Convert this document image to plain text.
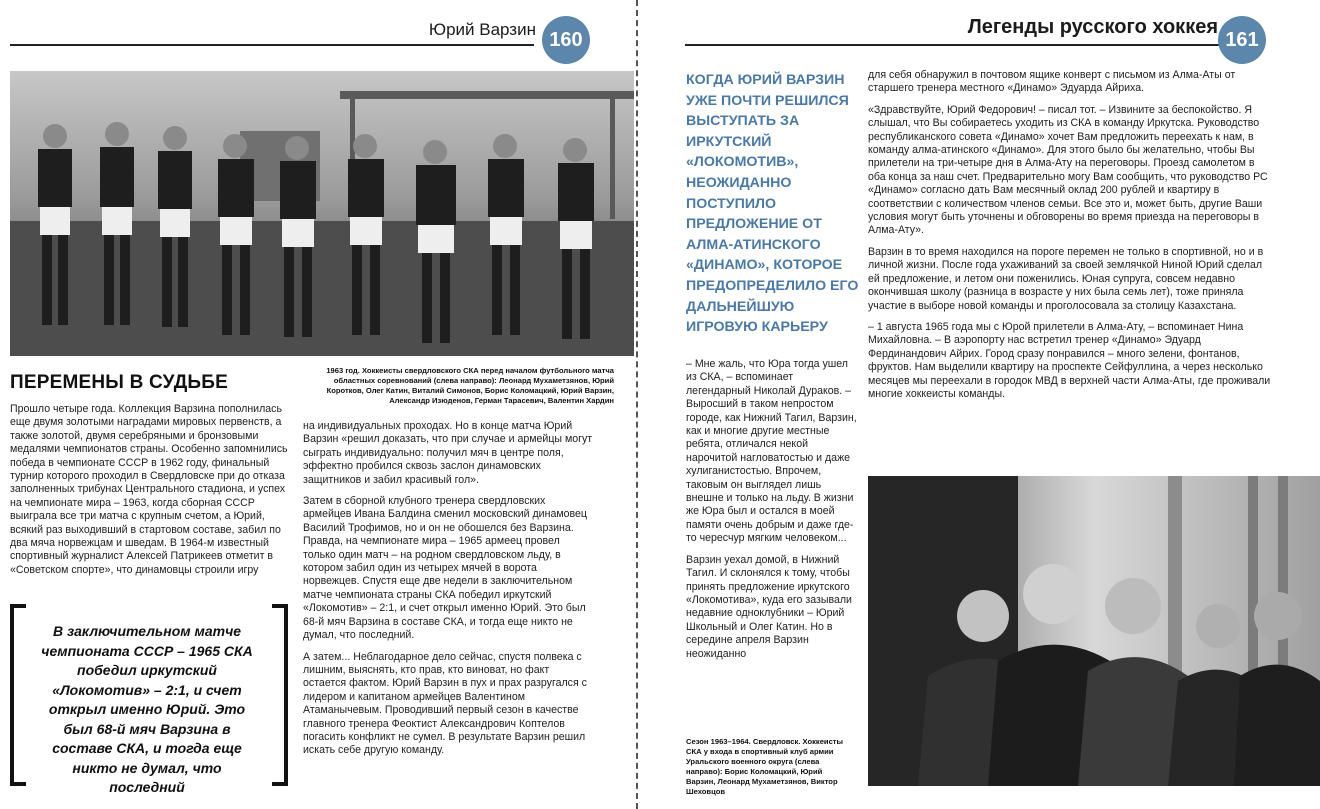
Юрий Варзин 160
1963 год. Хоккеисты свердловского СКА перед началом футбольного матча областных соревнований (слева направо): Леонард Мухаметзянов, Юрий Коротков, Олег Катин, Виталий Симонов, Борис Коломацкий, Юрий Варзин, Александр Изюденов, Герман Тарасевич, Валентин Хардин
ПЕРЕМЕНЫ В СУДЬБЕ

Прошло четыре года. Коллекция Варзина пополнилась еще двумя золотыми наградами мировых первенств, а также золотой, двумя серебряными и бронзовыми медалями чемпионатов страны. Особенно запомнились победа в чемпионате СССР в 1962 году, финальный турнир которого проходил в Свердловске при до отказа заполненных трибунах Центрального стадиона, и успех на чемпионате мира – 1963, когда сборная СССР выиграла все три матча с крупным счетом, а Юрий, всякий раз выходивший в стартовом составе, забил по два мяча норвежцам и шведам. В 1964-м известный спортивный журналист Алексей Патрикеев отметит в «Советском спорте», что динамовцы строили игру

В заключительном матче чемпионата СССР – 1965 СКА победил иркутский «Локомотив» – 2:1, и счет открыл именно Юрий. Это был 68-й мяч Варзина в составе СКА, и тогда еще никто не думал, что последний

на индивидуальных проходах. Но в конце матча Юрий Варзин «решил доказать, что при случае и армейцы могут сыграть индивидуально: получил мяч в центре поля, эффектно пробился сквозь заслон динамовских защитников и забил красивый гол».

Затем в сборной клубного тренера свердловских армейцев Ивана Балдина сменил московский динамовец Василий Трофимов, но и он не обошелся без Варзина. Правда, на чемпионате мира – 1965 армеец провел только один матч – на родном свердловском льду, в котором забил один из четырех мячей в ворота норвежцев. Спустя еще две недели в заключительном матче чемпионата страны СКА победил иркутский «Локомотив» – 2:1, и счет открыл именно Юрий. Это был 68-й мяч Варзина в составе СКА, и тогда еще никто не думал, что последний.

А затем... Неблагодарное дело сейчас, спустя полвека с лишним, выяснять, кто прав, кто виноват, но факт остается фактом. Юрий Варзин в пух и прах разругался с лидером и капитаном армейцев Валентином Атаманычевым. Проводивший первый сезон в качестве главного тренера Феоктист Александрович Коптелов погасить конфликт не сумел. В результате Варзин решил искать себе другую команду.

Легенды русского хоккея
161
КОГДА ЮРИЙ ВАРЗИН УЖЕ ПОЧТИ РЕШИЛСЯ ВЫСТУПАТЬ ЗА ИРКУТСКИЙ «ЛОКОМОТИВ», НЕОЖИДАННО ПОСТУПИЛО ПРЕДЛОЖЕНИЕ ОТ АЛМА-АТИНСКОГО «ДИНАМО», КОТОРОЕ ПРЕДОПРЕДЕЛИЛО ЕГО ДАЛЬНЕЙШУЮ ИГРОВУЮ КАРЬЕРУ

– Мне жаль, что Юра тогда ушел из СКА, – вспоминает легендарный Николай Дураков. – Выросший в таком непростом городе, как Нижний Тагил, Варзин, как и многие другие местные ребята, отличался некой нарочитой нагловатостью и даже хулиганистостью. Впрочем, таковым он выглядел лишь внешне и только на льду. В жизни же Юра был и остался в моей памяти очень добрым и даже где-то чересчур мягким человеком...

Варзин уехал домой, в Нижний Тагил. И склонялся к тому, чтобы принять предложение иркутского «Локомотива», куда его зазывали недавние одноклубники – Юрий Школьный и Олег Катин. Но в середине апреля Варзин неожиданно

Сезон 1963–1964. Свердловск. Хоккеисты СКА у входа в спортивный клуб армии Уральского военного округа (слева направо): Борис Коломацкий, Юрий Варзин, Леонард Мухаметзянов, Виктор Шеховцов

для себя обнаружил в почтовом ящике конверт с письмом из Алма-Аты от старшего тренера местного «Динамо» Эдуарда Айриха.

«Здравствуйте, Юрий Федорович! – писал тот. – Извините за беспокойство. Я слышал, что Вы собираетесь уходить из СКА в команду Иркутска. Руководство республиканского совета «Динамо» хочет Вам предложить переехать к нам, в команду алма-атинского «Динамо». Для этого было бы желательно, чтобы Вы прилетели на три-четыре дня в Алма-Ату на переговоры. Проезд самолетом в оба конца за наш счет. Предварительно могу Вам сообщить, что руководство РС «Динамо» согласно дать Вам месячный оклад 200 рублей и квартиру в соответствии с количеством членов семьи. Все это и, может быть, другие Ваши условия могут быть уточнены и обговорены во время приезда на переговоры в Алма-Ату».

Варзин в то время находился на пороге перемен не только в спортивной, но и в личной жизни. После года ухаживаний за своей землячкой Ниной Юрий сделал ей предложение, и летом они поженились. Юная супруга, совсем недавно окончившая школу (разница в возрасте у них была семь лет), тоже приняла участие в выборе новой команды и проголосовала за столицу Казахстана.

– 1 августа 1965 года мы с Юрой прилетели в Алма-Ату, – вспоминает Нина Михайловна. – В аэропорту нас встретил тренер «Динамо» Эдуард Фердинандович Айрих. Город сразу понравился – много зелени, фонтанов, фруктов. Нам выделили квартиру на проспекте Сейфуллина, а через несколько месяцев мы переехали в городок МВД в верхней части Алма-Аты, где проживали многие хоккеисты команды.
